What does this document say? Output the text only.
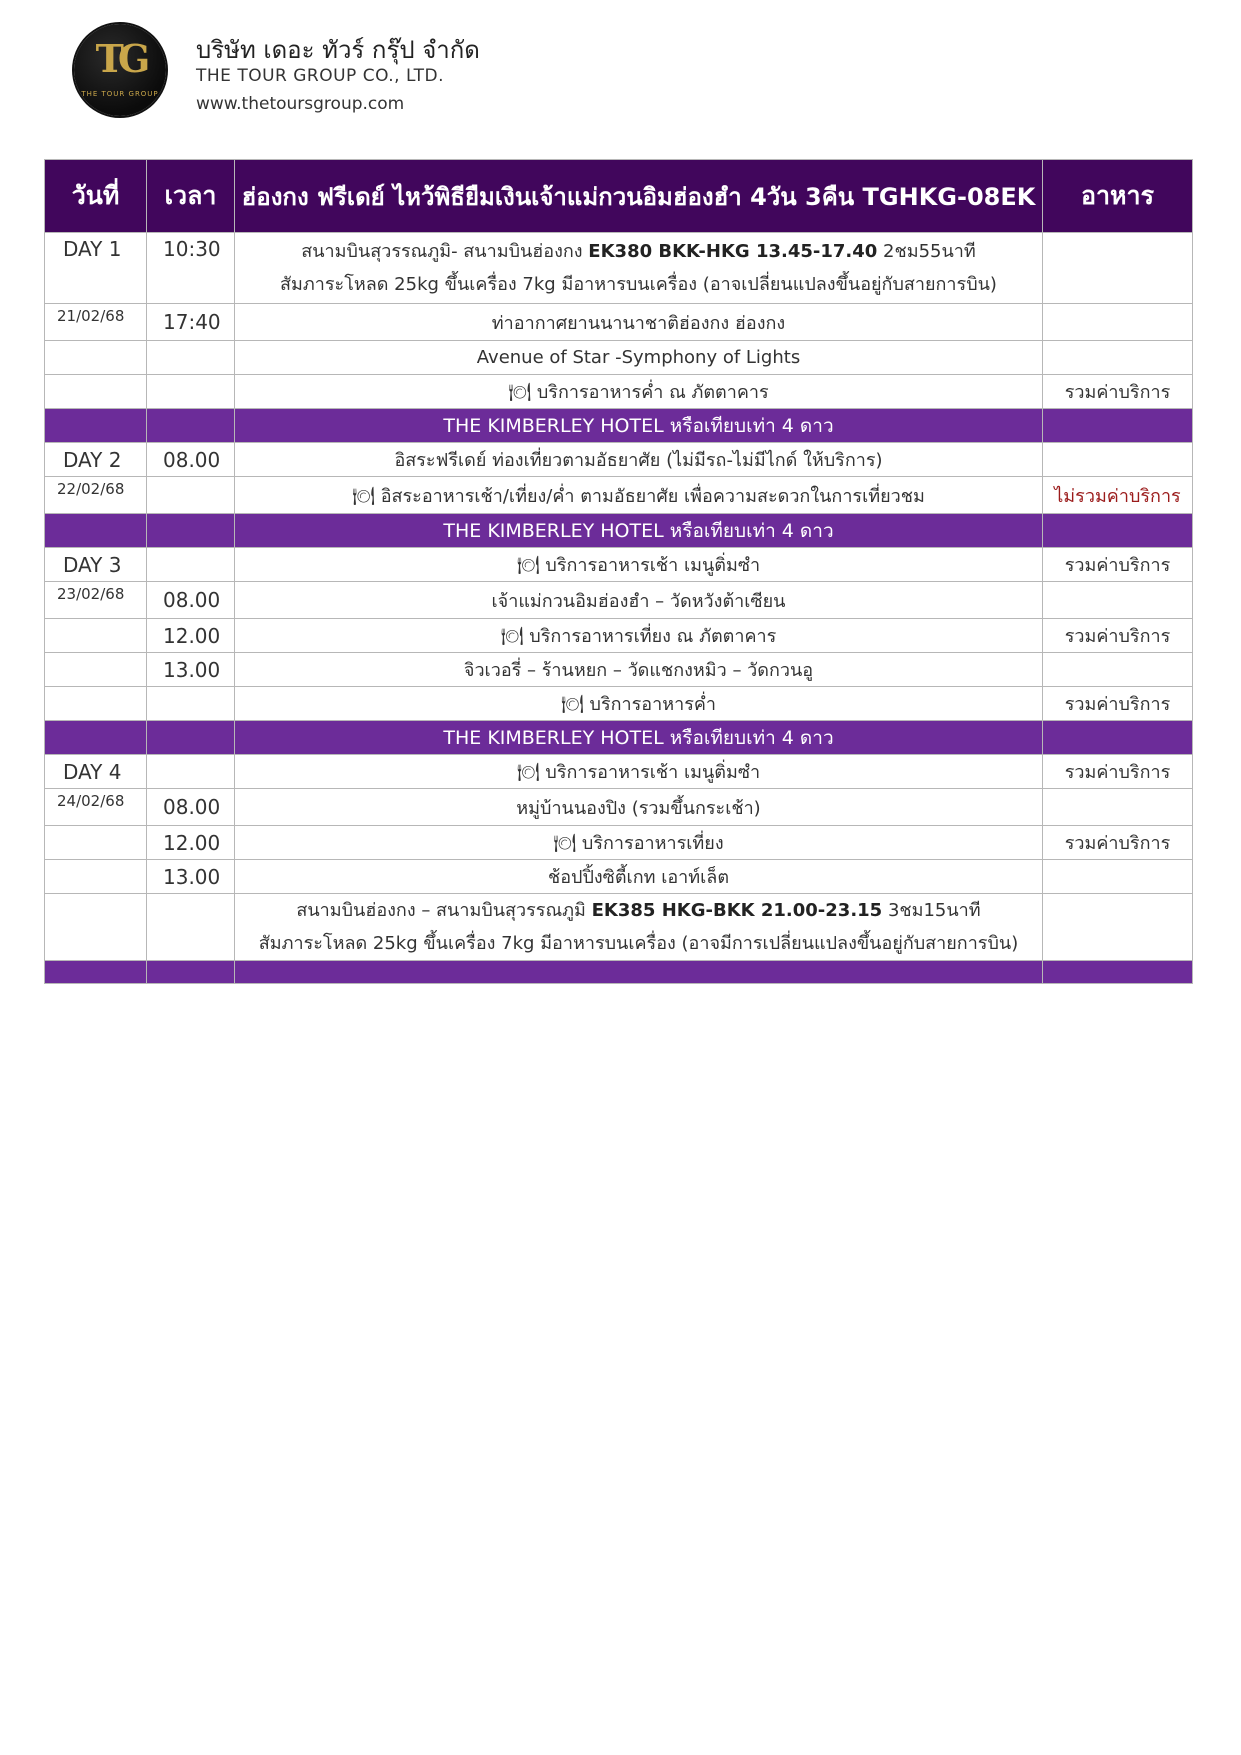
TG
THE TOUR GROUP
บริษัท เดอะ ทัวร์ กรุ๊ป จำกัด
THE TOUR GROUP CO., LTD.
www.thetoursgroup.com
วันที่	เวลา	ฮ่องกง ฟรีเดย์ ไหว้พิธียืมเงินเจ้าแม่กวนอิมฮ่องฮำ 4วัน 3คืน TGHKG-08EK	อาหาร
DAY 1	10:30	สนามบินสุวรรณภูมิ- สนามบินฮ่องกง EK380 BKK-HKG 13.45-17.40 2ชม55นาที
สัมภาระโหลด 25kg ขึ้นเครื่อง 7kg มีอาหารบนเครื่อง (อาจเปลี่ยนแปลงขึ้นอยู่กับสายการบิน)	

21/02/68	17:40	ท่าอากาศยานนานาชาติฮ่องกง ฮ่องกง	
		Avenue of Star -Symphony of Lights	
		🍽 บริการอาหารค่ำ ณ ภัตตาคาร	รวมค่าบริการ
		THE KIMBERLEY HOTEL หรือเทียบเท่า 4 ดาว	
DAY 2	08.00	อิสระฟรีเดย์ ท่องเที่ยวตามอัธยาศัย (ไม่มีรถ-ไม่มีไกด์ ให้บริการ)	
22/02/68		🍽 อิสระอาหารเช้า/เที่ยง/ค่ำ ตามอัธยาศัย เพื่อความสะดวกในการเที่ยวชม	ไม่รวมค่าบริการ
		THE KIMBERLEY HOTEL หรือเทียบเท่า 4 ดาว	
DAY 3		🍽 บริการอาหารเช้า เมนูติ่มซำ	รวมค่าบริการ
23/02/68	08.00	เจ้าแม่กวนอิมฮ่องฮำ – วัดหวังต้าเซียน	
	12.00	🍽 บริการอาหารเที่ยง ณ ภัตตาคาร	รวมค่าบริการ
	13.00	จิวเวอรี่ – ร้านหยก – วัดแชกงหมิว – วัดกวนอู	
		🍽 บริการอาหารค่ำ	รวมค่าบริการ
		THE KIMBERLEY HOTEL หรือเทียบเท่า 4 ดาว	
DAY 4		🍽 บริการอาหารเช้า เมนูติ่มซำ	รวมค่าบริการ
24/02/68	08.00	หมู่บ้านนองปิง (รวมขึ้นกระเช้า)	
	12.00	🍽 บริการอาหารเที่ยง	รวมค่าบริการ
	13.00	ช้อปปิ้งซิตี้เกท เอาท์เล็ต	

		สนามบินฮ่องกง – สนามบินสุวรรณภูมิ EK385 HKG-BKK 21.00-23.15 3ชม15นาที
สัมภาระโหลด 25kg ขึ้นเครื่อง 7kg มีอาหารบนเครื่อง (อาจมีการเปลี่ยนแปลงขึ้นอยู่กับสายการบิน)	
